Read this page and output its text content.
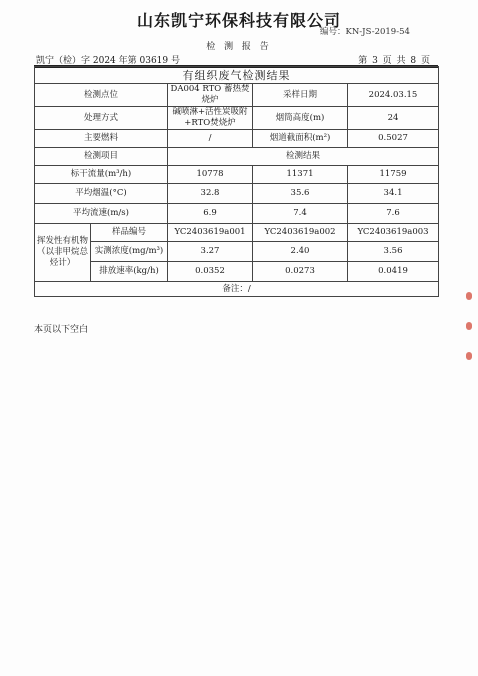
山东凯宁环保科技有限公司
编号：KN-JS-2019-54
检 测 报 告
凯宁（检）字 2024 年第 03619 号	第 3 页 共 8 页
有组织废气检测结果				
检测点位		DA004 RTO 蓄热焚烧炉	采样日期	2024.03.15
处理方式		碱喷淋+活性炭吸附+RTO焚烧炉	烟筒高度(m)	24
主要燃料		/	烟道截面积(m²)	0.5027
检测项目		检测结果		
标干流量(m³/h)		10778	11371	11759
平均烟温(°C)		32.8	35.6	34.1
平均流速(m/s)		6.9	7.4	7.6
挥发性有机物（以非甲烷总烃计）	样品编号	YC2403619a001	YC2403619a002	YC2403619a003
	实测浓度(mg/m³)	3.27	2.40	3.56
	排放速率(kg/h)	0.0352	0.0273	0.0419
备注：/				
本页以下空白
